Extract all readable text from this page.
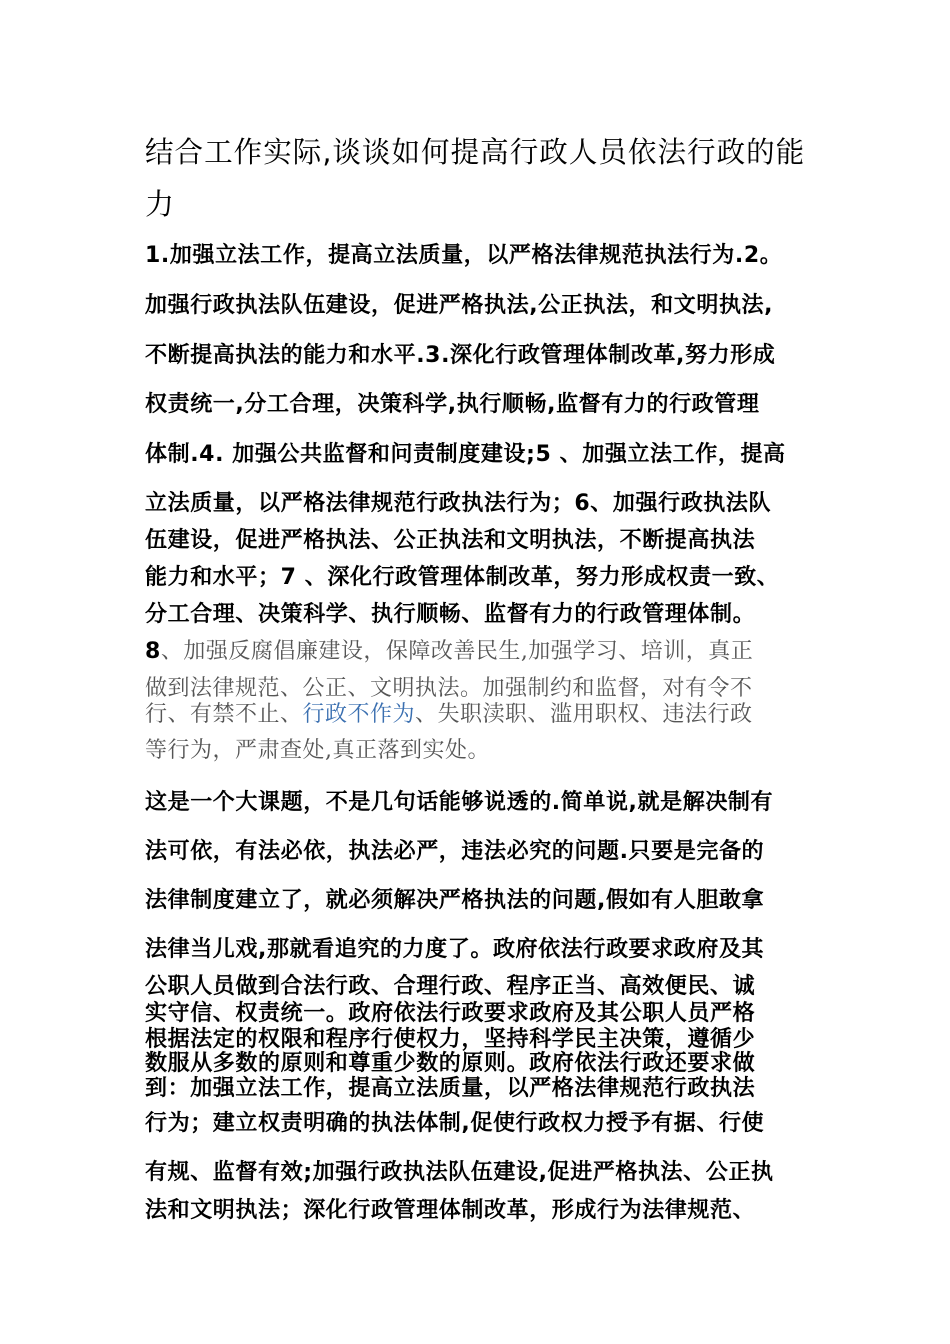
结合工作实际,谈谈如何提高行政人员依法行政的能
力
1.加强立法工作，提高立法质量，以严格法律规范执法行为.2。
加强行政执法队伍建设，促进严格执法,公正执法，和文明执法,
不断提高执法的能力和水平.3.深化行政管理体制改革,努力形成
权责统一,分工合理，决策科学,执行顺畅,监督有力的行政管理
体制.4. 加强公共监督和问责制度建设;5 、加强立法工作，提高
立法质量，以严格法律规范行政执法行为；6、加强行政执法队
伍建设，促进严格执法、公正执法和文明执法，不断提高执法
能力和水平；7 、深化行政管理体制改革，努力形成权责一致、
分工合理、决策科学、执行顺畅、监督有力的行政管理体制。
8、加强反腐倡廉建设，保障改善民生,加强学习、培训，真正
做到法律规范、公正、文明执法。加强制约和监督，对有令不
行、有禁不止、行政不作为、失职渎职、滥用职权、违法行政
等行为，严肃查处,真正落到实处。
这是一个大课题，不是几句话能够说透的.简单说,就是解决制有
法可依，有法必依，执法必严，违法必究的问题.只要是完备的
法律制度建立了，就必须解决严格执法的问题,假如有人胆敢拿
法律当儿戏,那就看追究的力度了。政府依法行政要求政府及其
公职人员做到合法行政、合理行政、程序正当、高效便民、诚
实守信、权责统一。政府依法行政要求政府及其公职人员严格
根据法定的权限和程序行使权力，坚持科学民主决策，遵循少
数服从多数的原则和尊重少数的原则。政府依法行政还要求做
到：加强立法工作，提高立法质量，以严格法律规范行政执法
行为；建立权责明确的执法体制,促使行政权力授予有据、行使
有规、监督有效;加强行政执法队伍建设,促进严格执法、公正执
法和文明执法；深化行政管理体制改革，形成行为法律规范、
